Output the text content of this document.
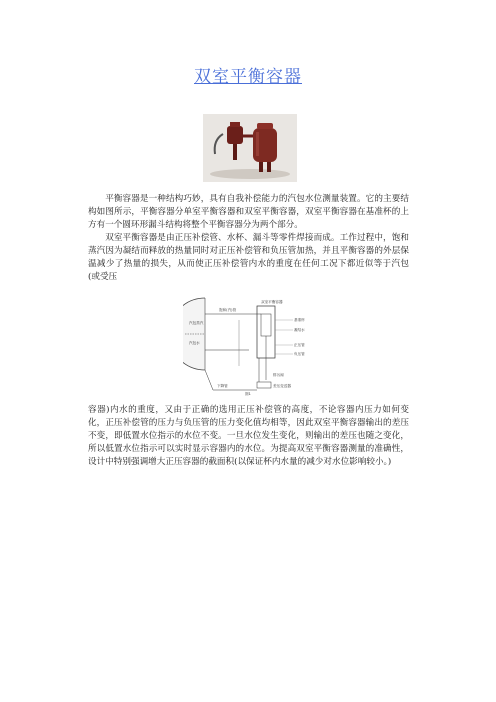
双室平衡容器

平衡容器是一种结构巧妙，具有自我补偿能力的汽包水位测量装置。它的主要结构如图所示，平衡容器分单室平衡容器和双室平衡容器，双室平衡容器在基准杯的上方有一个圆环形漏斗结构将整个平衡容器分为两个部分。

双室平衡容器是由正压补偿管、水杯、漏斗等零件焊接而成。工作过程中，饱和蒸汽因为凝结而释放的热量同时对正压补偿管和负压管加热，并且平衡容器的外层保温减少了热量的损失，从而使正压补偿管内水的重度在任何工况下都近似等于汽包(或受压

汽包蒸汽
汽包水
饱和(汽)管
双室平衡容器
基准杯
凝结水
正压管
负压管
下降管	差压变送器
排污阀
图1

容器)内水的重度，又由于正确的选用正压补偿管的高度，不论容器内压力如何变化，正压补偿管的压力与负压管的压力变化值均相等，因此双室平衡容器输出的差压不变，即低置水位指示的水位不变。一旦水位发生变化，则输出的差压也随之变化，所以低置水位指示可以实时显示容器内的水位。为提高双室平衡容器测量的准确性，设计中特别强调增大正压容器的截面积(以保证杯内水量的减少对水位影响较小。)
